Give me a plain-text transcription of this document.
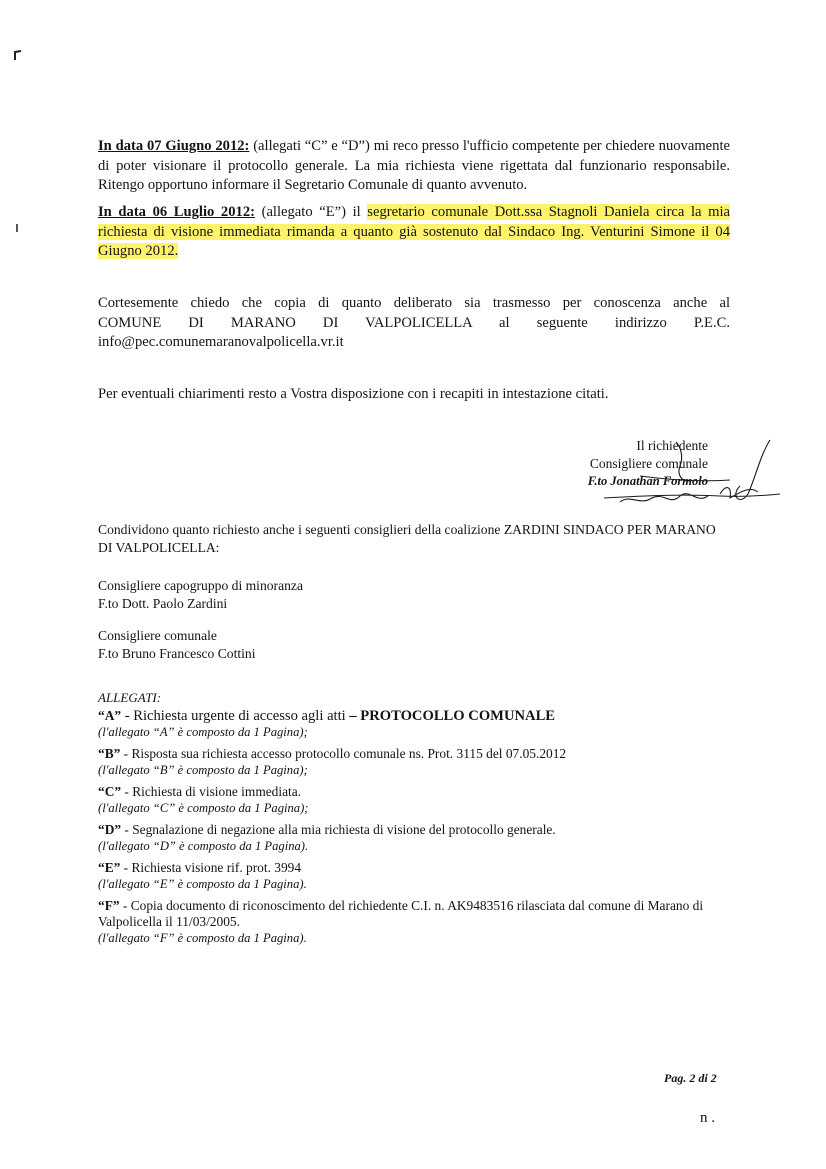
In data 07 Giugno 2012: (allegati “C” e “D”) mi reco presso l'ufficio competente per chiedere nuovamente di poter visionare il protocollo generale. La mia richiesta viene rigettata dal funzionario responsabile. Ritengo opportuno informare il Segretario Comunale di quanto avvenuto.

In data 06 Luglio 2012: (allegato “E”) il segretario comunale Dott.ssa Stagnoli Daniela circa la mia richiesta di visione immediata rimanda a quanto già sostenuto dal Sindaco Ing. Venturini Simone il 04 Giugno 2012.

Cortesemente chiedo che copia di quanto deliberato sia trasmesso per conoscenza anche al
COMUNE DI MARANO DI VALPOLICELLA al seguente indirizzo P.E.C.
info@pec.comunemaranovalpolicella.vr.it

Per eventuali chiarimenti resto a Vostra disposizione con i recapiti in intestazione citati.

Il richiedente
Consigliere comunale
F.to Jonathan Formolo

Condividono quanto richiesto anche i seguenti consiglieri della coalizione ZARDINI SINDACO PER MARANO DI VALPOLICELLA:

Consigliere capogruppo di minoranza
F.to Dott. Paolo Zardini
Consigliere comunale
F.to Bruno Francesco Cottini
ALLEGATI:
“A” - Richiesta urgente di accesso agli atti – PROTOCOLLO COMUNALE
(l'allegato “A” è composto da 1 Pagina);
“B” - Risposta sua richiesta accesso protocollo comunale ns. Prot. 3115 del 07.05.2012
(l'allegato “B” è composto da 1 Pagina);
“C” - Richiesta di visione immediata.
(l'allegato “C” è composto da 1 Pagina);
“D” - Segnalazione di negazione alla mia richiesta di visione del protocollo generale.
(l'allegato “D” è composto da 1 Pagina).
“E” - Richiesta visione rif. prot. 3994
(l'allegato “E” è composto da 1 Pagina).
“F” - Copia documento di riconoscimento del richiedente C.I. n. AK9483516 rilasciata dal comune di Marano di Valpolicella il 11/03/2005.
(l'allegato “F” è composto da 1 Pagina).
Pag. 2 di 2
n .
